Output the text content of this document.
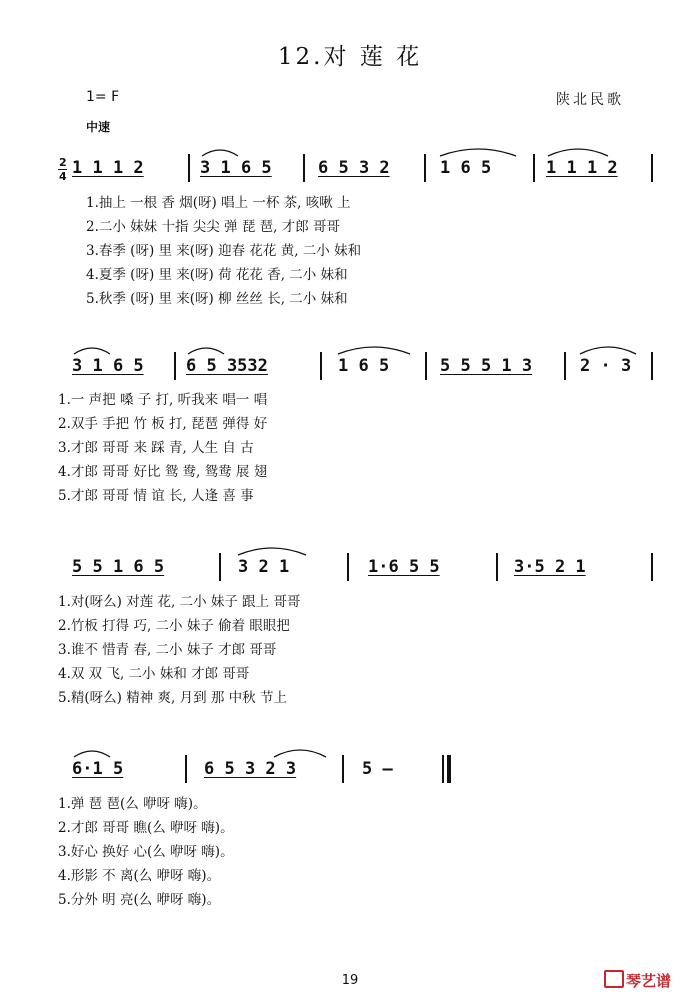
12.对 莲 花
1= F	陕北民歌
中速
2
4 1 1 1 2	3 1 6 5	6 5 3 2	1 6 5	1 1 1 2
1.抽上 一根 香 烟(呀) 唱上 一杯 茶, 咳啾 上
2.二小 妹妹 十指 尖尖 弹 琵 琶, 才郎 哥哥
3.春季 (呀) 里 来(呀) 迎春 花花 黄, 二小 妹和
4.夏季 (呀) 里 来(呀) 荷 花花 香, 二小 妹和
5.秋季 (呀) 里 来(呀) 柳 丝丝 长, 二小 妹和
3 1 6 5 6 5 3532	1 6 5	5 5 5 1 3	2 · 3
1.一 声把 嗓 子 打, 听我来 唱一 唱
2.双手 手把 竹 板 打, 琵琶 弹得 好
3.才郎 哥哥 来 踩 青, 人生 自 古
4.才郎 哥哥 好比 鸳 鸯, 鸳鸯 展 翅
5.才郎 哥哥 情 谊 长, 人逢 喜 事
5 5 1 6 5	3 2 1	1·6 5 5	3·5 2 1
1.对(呀么) 对莲 花, 二小 妹子 跟上 哥哥
2.竹板 打得 巧, 二小 妹子 偷着 眼眼把
3.谁不 惜青 春, 二小 妹子 才郎 哥哥
4.双 双 飞, 二小 妹和 才郎 哥哥
5.精(呀么) 精神 爽, 月到 那 中秋 节上
6·1 5	6 5 3 2 3	5 –
1.弹 琶 琶(么 咿呀 嗨)。
2.才郎 哥哥 瞧(么 咿呀 嗨)。
3.好心 换好 心(么 咿呀 嗨)。
4.形影 不 离(么 咿呀 嗨)。
5.分外 明 亮(么 咿呀 嗨)。
19	琴艺谱
